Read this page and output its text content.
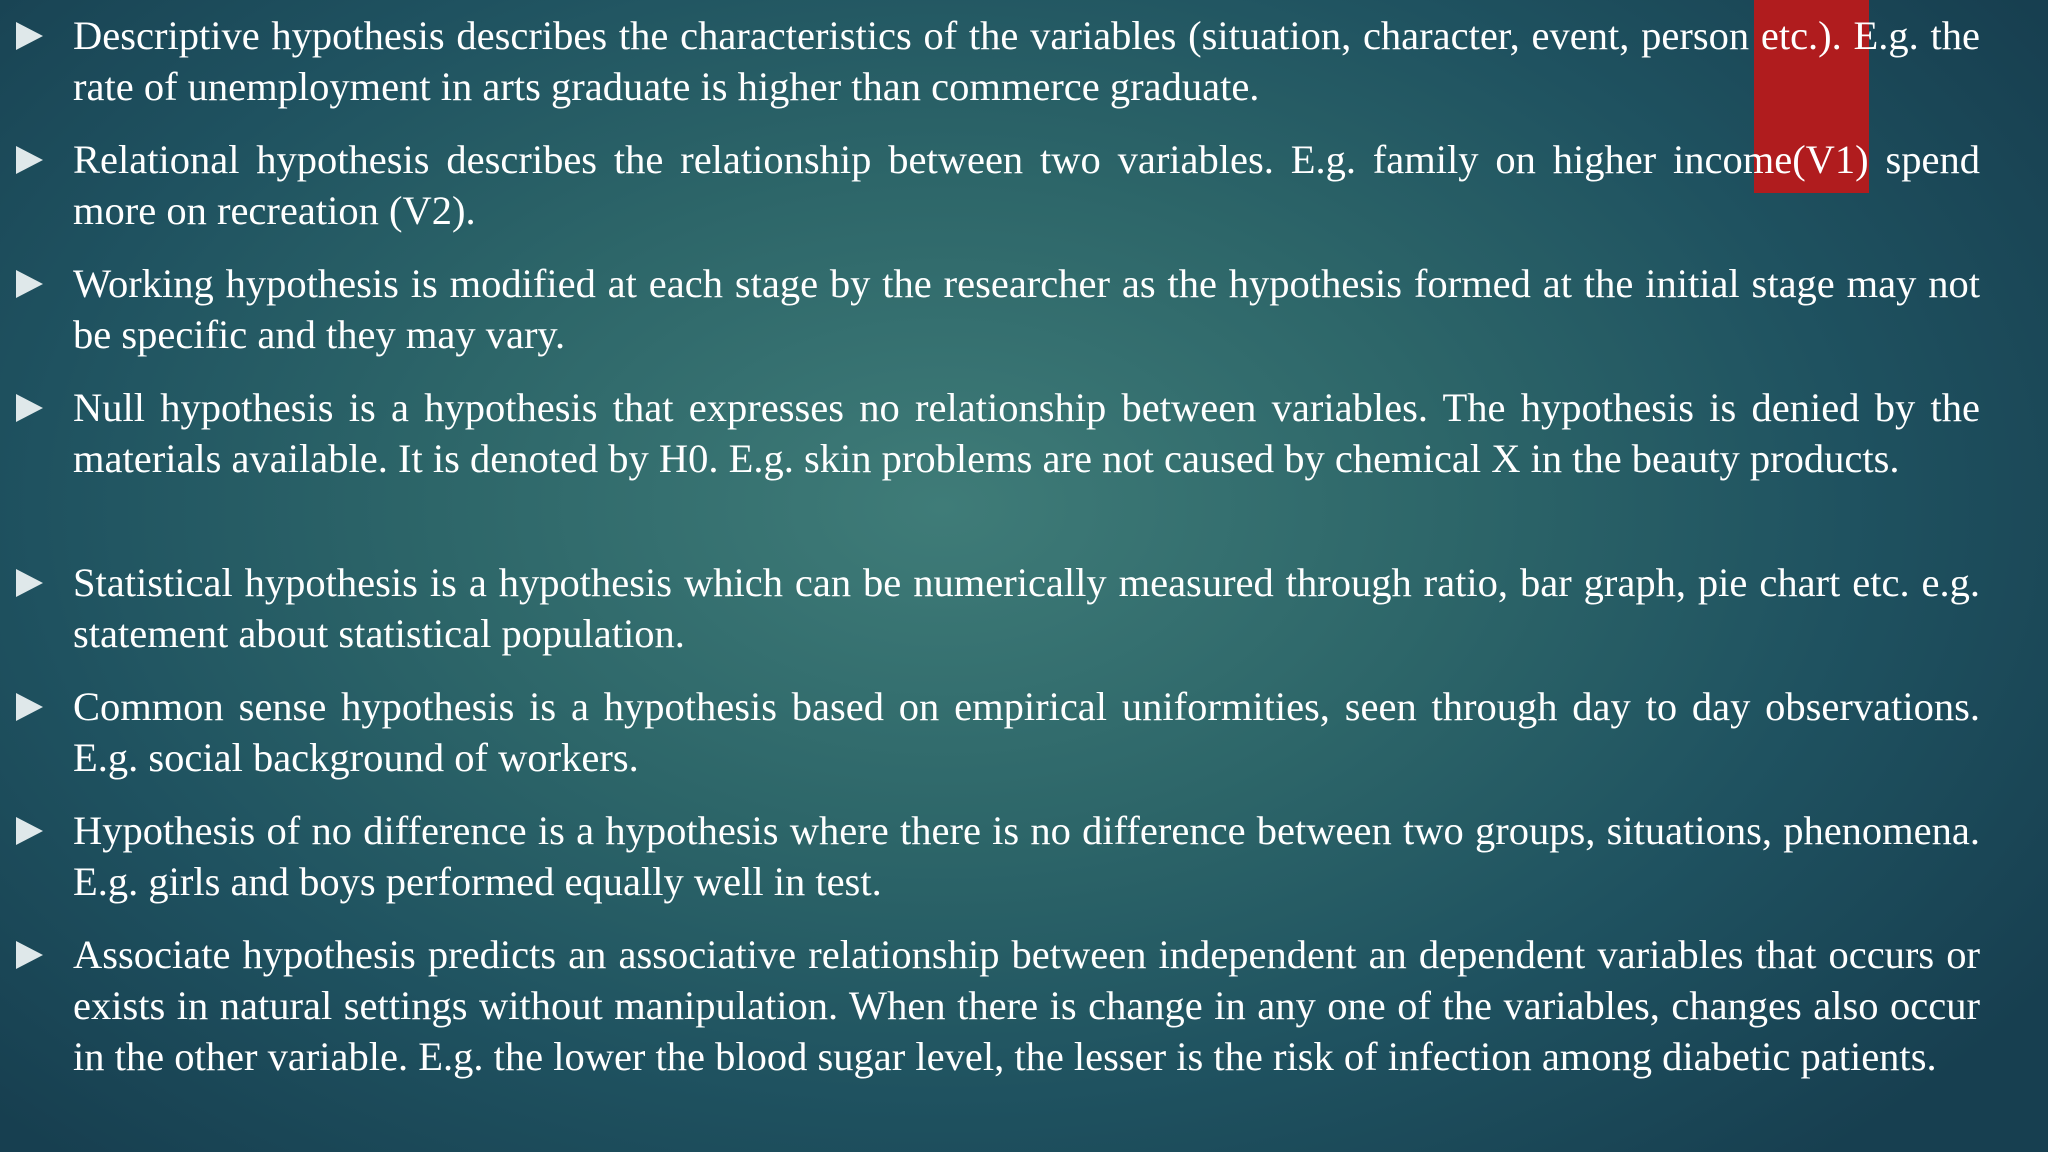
Descriptive hypothesis describes the characteristics of the variables (situation, character, event, person etc.). E.g. the rate of unemployment in arts graduate is higher than commerce graduate.

Relational hypothesis describes the relationship between two variables. E.g. family on higher income(V1) spend more on recreation (V2).

Working hypothesis is modified at each stage by the researcher as the hypothesis formed at the initial stage may not be specific and they may vary.

Null hypothesis is a hypothesis that expresses no relationship between variables. The hypothesis is denied by the materials available. It is denoted by H0. E.g. skin problems are not caused by chemical X in the beauty products.

Statistical hypothesis is a hypothesis which can be numerically measured through ratio, bar graph, pie chart etc. e.g. statement about statistical population.

Common sense hypothesis is a hypothesis based on empirical uniformities, seen through day to day observations. E.g. social background of workers.

Hypothesis of no difference is a hypothesis where there is no difference between two groups, situations, phenomena. E.g. girls and boys performed equally well in test.

Associate hypothesis predicts an associative relationship between independent an dependent variables that occurs or exists in natural settings without manipulation. When there is change in any one of the variables, changes also occur in the other variable. E.g. the lower the blood sugar level, the lesser is the risk of infection among diabetic patients.
